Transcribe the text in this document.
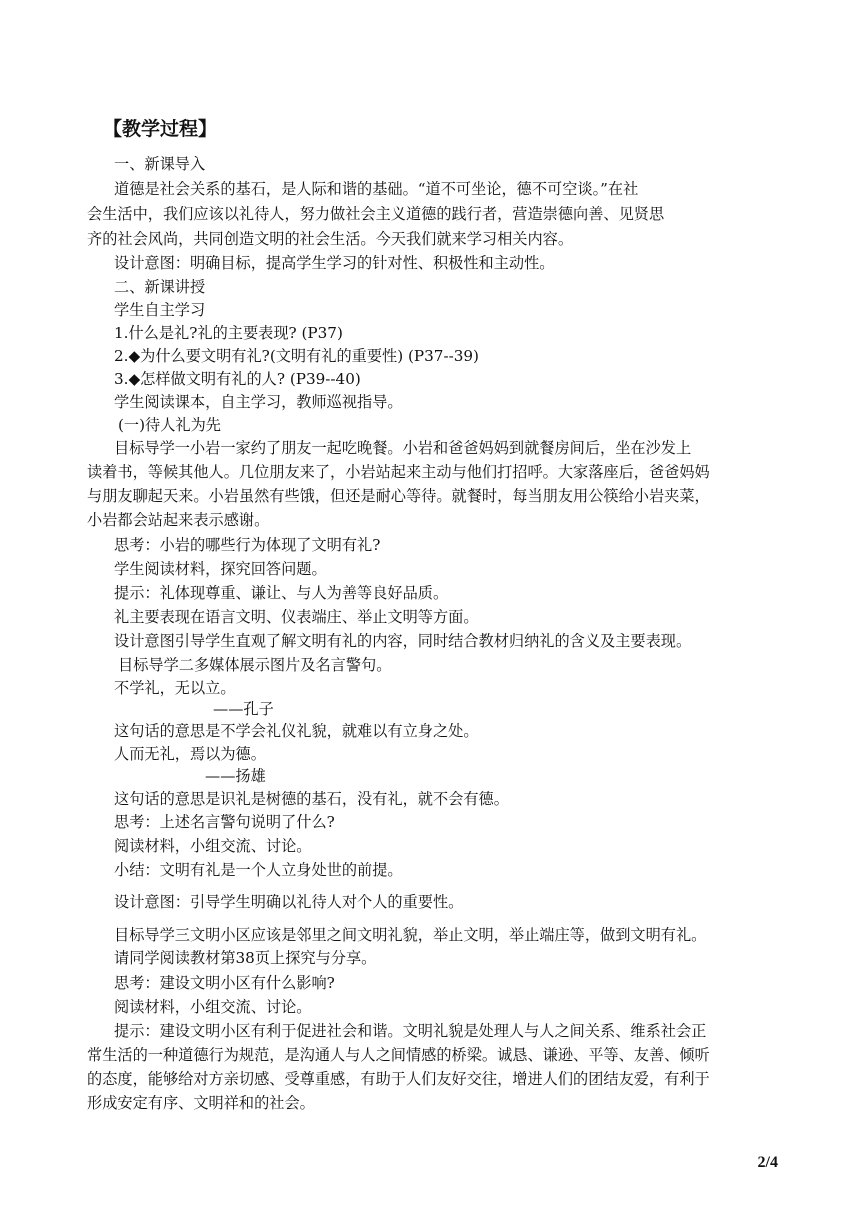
【教学过程】
一、新课导入
道德是社会关系的基石，是人际和谐的基础。“道不可坐论，德不可空谈。”在社
会生活中，我们应该以礼待人，努力做社会主义道德的践行者，营造崇德向善、见贤思
齐的社会风尚，共同创造文明的社会生活。今天我们就来学习相关内容。
设计意图：明确目标，提高学生学习的针对性、积极性和主动性。
二、新课讲授
学生自主学习
1.什么是礼?礼的主要表现? (P37)
2.◆为什么要文明有礼?(文明有礼的重要性) (P37--39)
3.◆怎样做文明有礼的人? (P39--40)
学生阅读课本，自主学习，教师巡视指导。
(一)待人礼为先
目标导学一小岩一家约了朋友一起吃晚餐。小岩和爸爸妈妈到就餐房间后，坐在沙发上
读着书，等候其他人。几位朋友来了，小岩站起来主动与他们打招呼。大家落座后，爸爸妈妈
与朋友聊起天来。小岩虽然有些饿，但还是耐心等待。就餐时，每当朋友用公筷给小岩夹菜，
小岩都会站起来表示感谢。
思考：小岩的哪些行为体现了文明有礼?
学生阅读材料，探究回答问题。
提示：礼体现尊重、谦让、与人为善等良好品质。
礼主要表现在语言文明、仪表端庄、举止文明等方面。
设计意图引导学生直观了解文明有礼的内容，同时结合教材归纳礼的含义及主要表现。
目标导学二多媒体展示图片及名言警句。
不学礼，无以立。
——孔子
这句话的意思是不学会礼仪礼貌，就难以有立身之处。
人而无礼，焉以为德。
——扬雄
这句话的意思是识礼是树德的基石，没有礼，就不会有德。
思考：上述名言警句说明了什么?
阅读材料，小组交流、讨论。
小结：文明有礼是一个人立身处世的前提。
设计意图：引导学生明确以礼待人对个人的重要性。
目标导学三文明小区应该是邻里之间文明礼貌，举止文明，举止端庄等，做到文明有礼。
请同学阅读教材第38页上探究与分享。
思考：建设文明小区有什么影响?
阅读材料，小组交流、讨论。
提示：建设文明小区有利于促进社会和谐。文明礼貌是处理人与人之间关系、维系社会正
常生活的一种道德行为规范，是沟通人与人之间情感的桥梁。诚恳、谦逊、平等、友善、倾听
的态度，能够给对方亲切感、受尊重感，有助于人们友好交往，增进人们的团结友爱，有利于
形成安定有序、文明祥和的社会。
2/4
